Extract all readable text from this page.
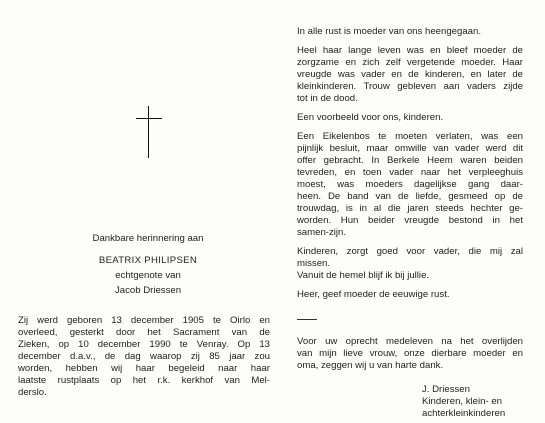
Dankbare herinnering aan
BEATRIX PHILIPSEN
echtgenote van
Jacob Driessen
Zij werd geboren 13 december 1905 te Oirlo en
overleed, gesterkt door het Sacrament van de
Zieken, op 10 december 1990 te Venray. Op 13
december d.a.v., de dag waarop zij 85 jaar zou
worden, hebben wij haar begeleid naar haar
laatste rustplaats op het r.k. kerkhof van Mel-
derslo.
In alle rust is moeder van ons heengegaan.
Heel haar lange leven was en bleef moeder de
zorgzame en zich zelf vergetende moeder. Haar
vreugde was vader en de kinderen, en later de
kleinkinderen. Trouw gebleven aan vaders zijde
tot in de dood.
Een voorbeeld voor ons, kinderen.
Een Eikelenbos te moeten verlaten, was een
pijnlijk besluit, maar omwille van vader werd dit
offer gebracht. In Berkele Heem waren beiden
tevreden, en toen vader naar het verpleeghuis
moest, was moeders dagelijkse gang daar-
heen. De band van de liefde, gesmeed op de
trouwdag, is in al die jaren steeds hechter ge-
worden. Hun beider vreugde bestond in het
samen-zijn.
Kinderen, zorgt goed voor vader, die mij zal
missen.
Vanuit de hemel blijf ik bij jullie.
Heer, geef moeder de eeuwige rust.
Voor uw oprecht medeleven na het overlijden
van mijn lieve vrouw, onze dierbare moeder en
oma, zeggen wij u van harte dank.
J. Driessen
Kinderen, klein- en
achterkleinkinderen
